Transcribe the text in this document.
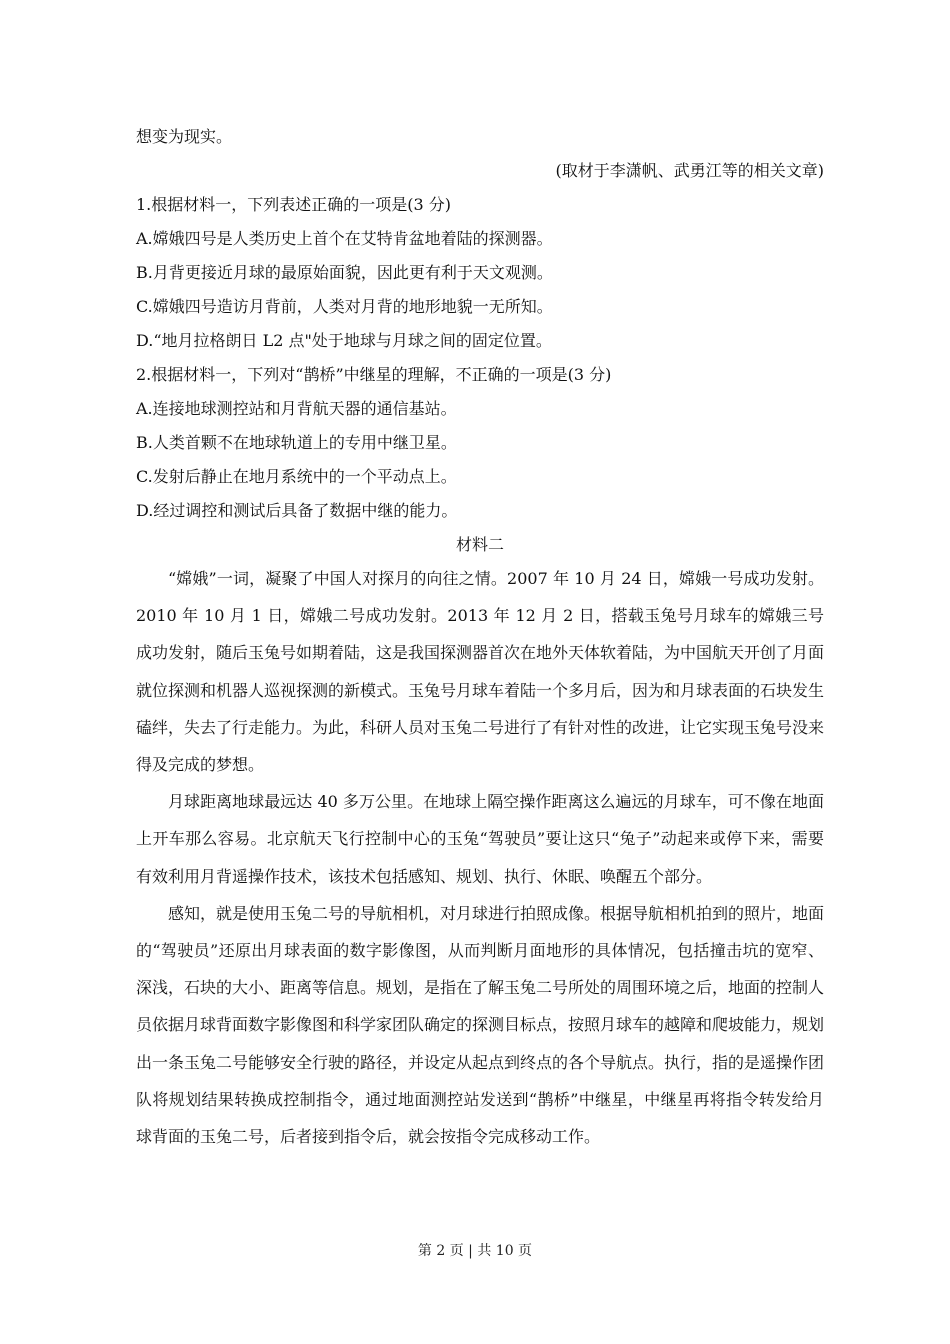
想变为现实。
(取材于李潇帆、武勇江等的相关文章)
1.根据材料一，下列表述正确的一项是(3 分)
A.嫦娥四号是人类历史上首个在艾特肯盆地着陆的探测器。
B.月背更接近月球的最原始面貌，因此更有利于天文观测。
C.嫦娥四号造访月背前，人类对月背的地形地貌一无所知。
D.“地月拉格朗日 L2 点"处于地球与月球之间的固定位置。
2.根据材料一，下列对“鹊桥”中继星的理解，不正确的一项是(3 分)
A.连接地球测控站和月背航天器的通信基站。
B.人类首颗不在地球轨道上的专用中继卫星。
C.发射后静止在地月系统中的一个平动点上。
D.经过调控和测试后具备了数据中继的能力。
材料二

“嫦娥”一词，凝聚了中国人对探月的向往之情。2007 年 10 月 24 日，嫦娥一号成功发射。2010 年 10 月 1 日，嫦娥二号成功发射。2013 年 12 月 2 日，搭载玉兔号月球车的嫦娥三号成功发射，随后玉兔号如期着陆，这是我国探测器首次在地外天体软着陆，为中国航天开创了月面就位探测和机器人巡视探测的新模式。玉兔号月球车着陆一个多月后，因为和月球表面的石块发生磕绊，失去了行走能力。为此，科研人员对玉兔二号进行了有针对性的改进，让它实现玉兔号没来得及完成的梦想。

月球距离地球最远达 40 多万公里。在地球上隔空操作距离这么遍远的月球车，可不像在地面上开车那么容易。北京航天飞行控制中心的玉兔“驾驶员”要让这只“兔子”动起来或停下来，需要有效利用月背遥操作技术，该技术包括感知、规划、执行、休眠、唤醒五个部分。

感知，就是使用玉兔二号的导航相机，对月球进行拍照成像。根据导航相机拍到的照片，地面的“驾驶员”还原出月球表面的数字影像图，从而判断月面地形的具体情况，包括撞击坑的宽窄、深浅，石块的大小、距离等信息。规划，是指在了解玉兔二号所处的周围环境之后，地面的控制人员依据月球背面数字影像图和科学家团队确定的探测目标点，按照月球车的越障和爬坡能力，规划出一条玉兔二号能够安全行驶的路径，并设定从起点到终点的各个导航点。执行，指的是遥操作团队将规划结果转换成控制指令，通过地面测控站发送到“鹊桥”中继星，中继星再将指令转发给月球背面的玉兔二号，后者接到指令后，就会按指令完成移动工作。

第 2 页 | 共 10 页
